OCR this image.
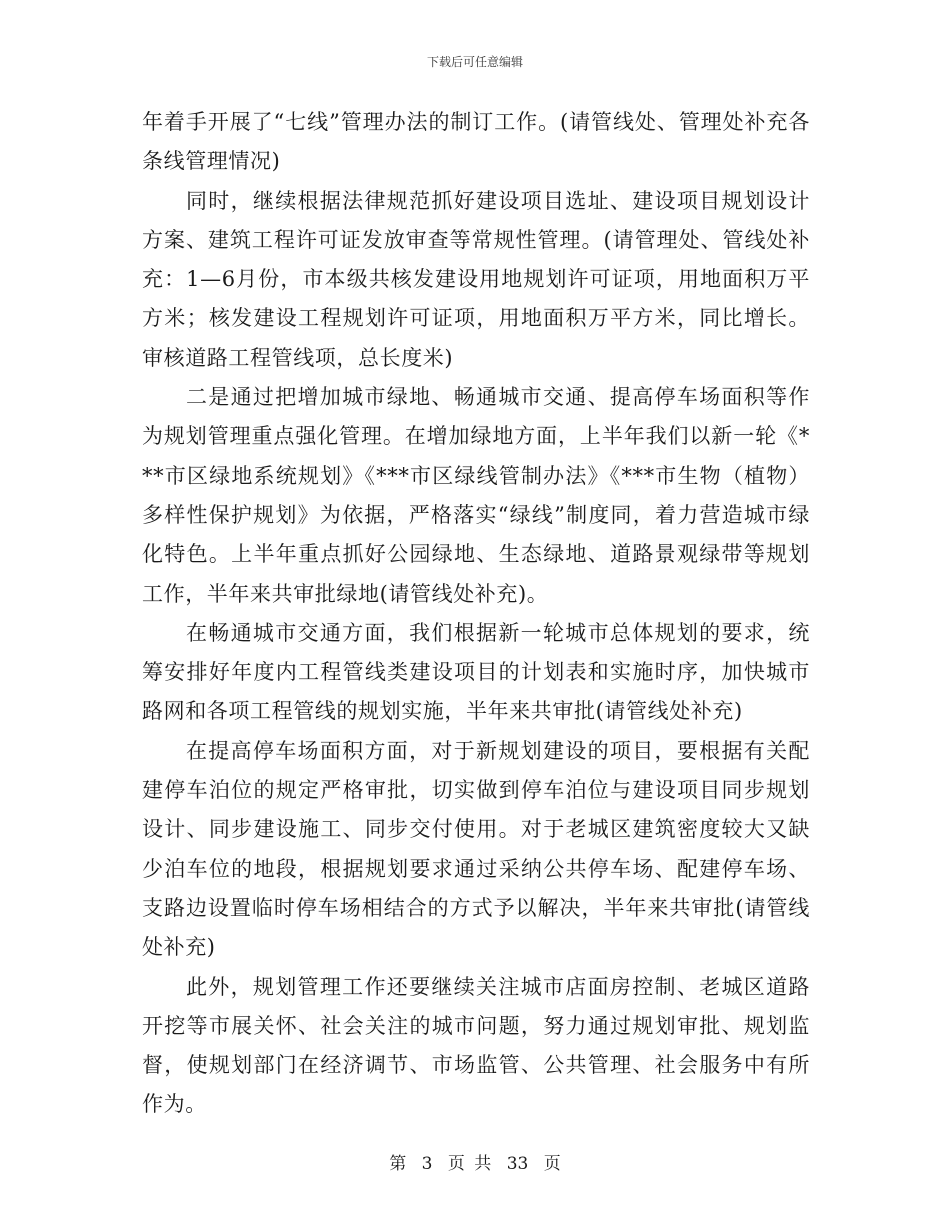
下载后可任意编辑

年着手开展了“七线”管理办法的制订工作。(请管线处、管理处补充各条线管理情况)

同时，继续根据法律规范抓好建设项目选址、建设项目规划设计方案、建筑工程许可证发放审查等常规性管理。(请管理处、管线处补充：1—6月份，市本级共核发建设用地规划许可证项，用地面积万平方米；核发建设工程规划许可证项，用地面积万平方米，同比增长。审核道路工程管线项，总长度米)

二是通过把增加城市绿地、畅通城市交通、提高停车场面积等作为规划管理重点强化管理。在增加绿地方面，上半年我们以新一轮《***市区绿地系统规划》《***市区绿线管制办法》《***市生物（植物）多样性保护规划》为依据，严格落实“绿线”制度同，着力营造城市绿化特色。上半年重点抓好公园绿地、生态绿地、道路景观绿带等规划工作，半年来共审批绿地(请管线处补充)。

在畅通城市交通方面，我们根据新一轮城市总体规划的要求，统筹安排好年度内工程管线类建设项目的计划表和实施时序，加快城市路网和各项工程管线的规划实施，半年来共审批(请管线处补充)

在提高停车场面积方面，对于新规划建设的项目，要根据有关配建停车泊位的规定严格审批，切实做到停车泊位与建设项目同步规划设计、同步建设施工、同步交付使用。对于老城区建筑密度较大又缺少泊车位的地段，根据规划要求通过采纳公共停车场、配建停车场、支路边设置临时停车场相结合的方式予以解决，半年来共审批(请管线处补充)

此外，规划管理工作还要继续关注城市店面房控制、老城区道路开挖等市展关怀、社会关注的城市问题，努力通过规划审批、规划监督，使规划部门在经济调节、市场监管、公共管理、社会服务中有所作为。

第 3 页 共 33 页
